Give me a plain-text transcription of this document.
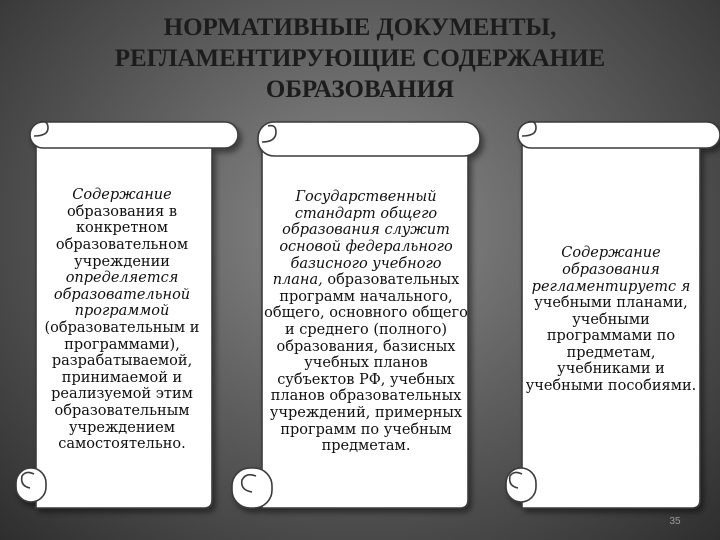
НОРМАТИВНЫЕ ДОКУМЕНТЫ,
РЕГЛАМЕНТИРУЮЩИЕ СОДЕРЖАНИЕ
ОБРАЗОВАНИЯ
Содержание образования в конкретном образовательном учреждении определяется образовательной программой (образовательным и программами), разрабатываемой, принимаемой и реализуемой этим образовательным учреждением самостоятельно.
Государственный стандарт общего образования служит основой федерального базисного учебного плана, образовательных программ начального, общего, основного общего и среднего (полного) образования, базисных учебных планов субъектов РФ, учебных планов образовательных учреждений, примерных программ по учебным предметам.
Содержание образования регламентируетс я учебными планами, учебными программами по предметам, учебниками и учебными пособиями.
35
